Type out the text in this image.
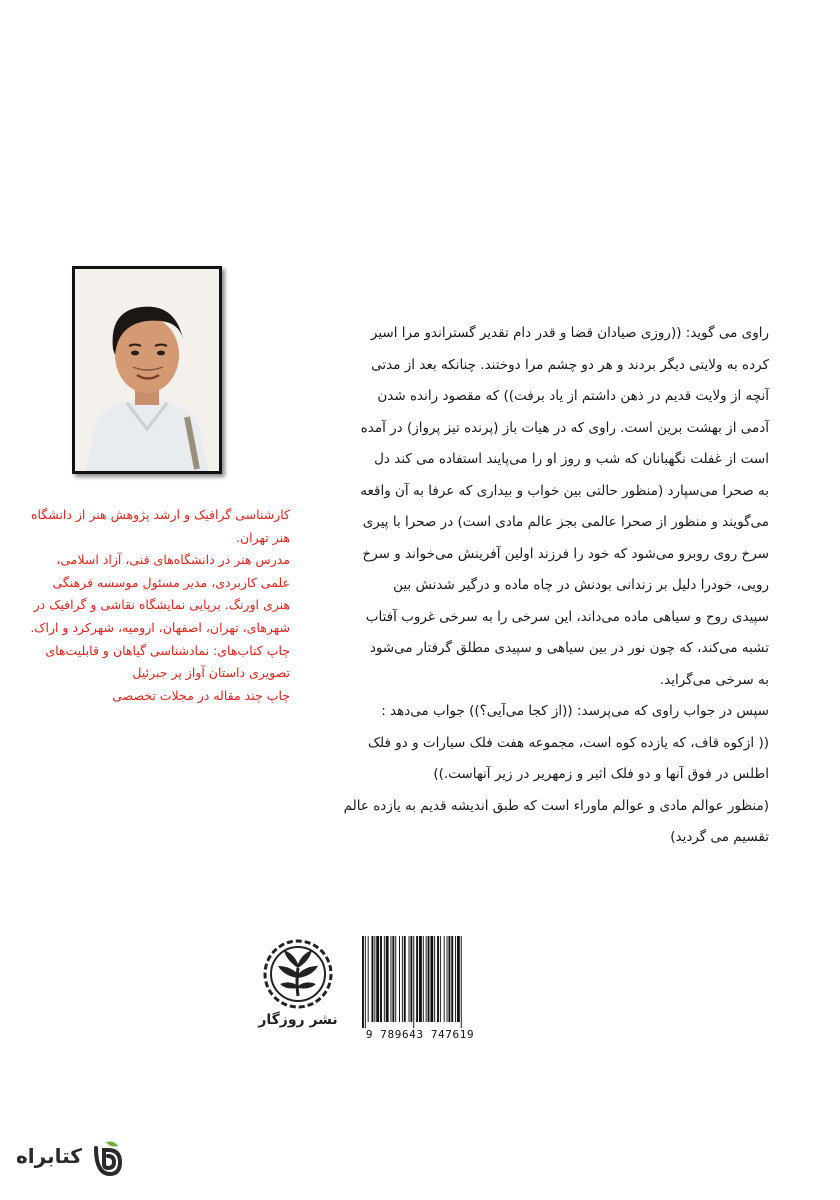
کارشناسی گرافیک و ارشد پژوهش هنر از دانشگاه
هنر تهران.
مدرس هنر در دانشگاه‌های فنی، آزاد اسلامی،
علمی کاربردی، مدیر مسئول موسسه فرهنگی
هنری اورنگ. برپایی نمایشگاه نقاشی و گرافیک در
شهرهای، تهران، اصفهان، ارومیه، شهرکرد و اراک.
چاپ کتاب‌های: نمادشناسی گیاهان و قابلیت‌های
تصویری داستان آواز پر جبرئیل
چاپ چند مقاله در مجلات تخصصی
راوی می گوید: ((روزی صیادان قضا و قدر دام تقدیر گستراندو مرا اسیر
کرده به ولایتی دیگر بردند و هر دو چشم مرا دوختند. چنانکه بعد از مدتی
آنچه از ولایت قدیم در ذهن داشتم از یاد برفت)) که مقصود رانده شدن
آدمی از بهشت برین است. راوی که در هیات باز (پرنده تیز پرواز) در آمده
است از غفلت نگهبانان که شب و روز او را می‌پایند استفاده می کند دل
به صحرا می‌سپارد (منظور حالتی بین خواب و بیداری که عرفا به آن واقعه
می‌گویند و منظور از صحرا عالمی بجز عالم مادی است) در صحرا با پیری
سرخ روی روبرو می‌شود که خود را فرزند اولین آفرینش می‌خواند و سرخ
رویی، خودرا دلیل بر زندانی بودنش در چاه ماده و درگیر شدنش بین
سپیدی روح و سیاهی ماده می‌داند، این سرخی را به سرخی غروب آفتاب
تشبه می‌کند، که چون نور در بین سیاهی و سپیدی مطلق گرفتار می‌شود
به سرخی می‌گراید.
سپس در جواب راوی که می‌پرسد: ((از کجا می‌آیی؟)) جواب می‌دهد :
(( ازکوه قاف، که یازده کوه است، مجموعه هفت فلک سیارات و دو فلک
اطلس در فوق آنها و دو فلک اثیر و زمهریر در زیر آنهاست.))
(منظور عوالم مادی و عوالم ماوراء است که طبق اندیشه قدیم به یازده عالم
تقسیم می گردید)
نشر روزگار
9 789643 747619
کتابراه
